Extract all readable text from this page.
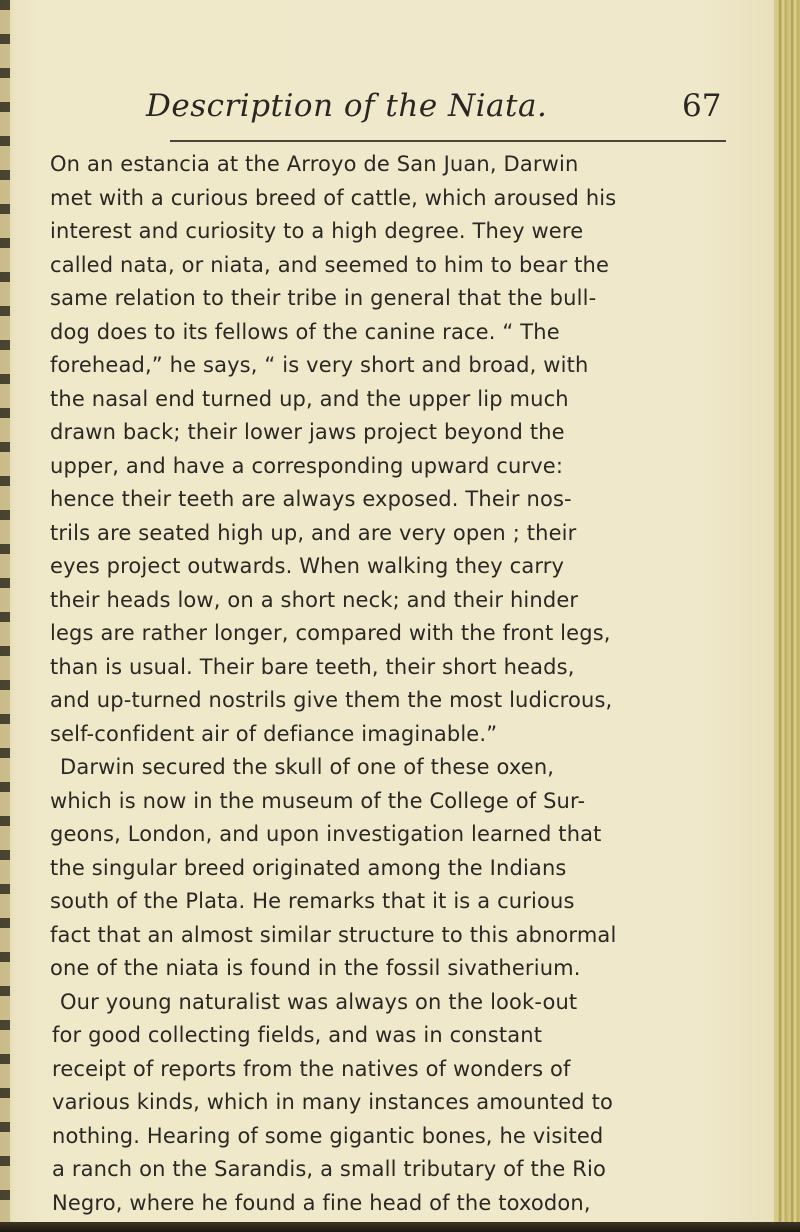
Description of the Niata.	67
On an estancia at the Arroyo de San Juan, Darwin
met with a curious breed of cattle, which aroused his
interest and curiosity to a high degree. They were
called nata, or niata, and seemed to him to bear the
same relation to their tribe in general that the bull-
dog does to its fellows of the canine race. “ The
forehead,” he says, “ is very short and broad, with
the nasal end turned up, and the upper lip much
drawn back; their lower jaws project beyond the
upper, and have a corresponding upward curve:
hence their teeth are always exposed. Their nos-
trils are seated high up, and are very open ; their
eyes project outwards. When walking they carry
their heads low, on a short neck; and their hinder
legs are rather longer, compared with the front legs,
than is usual. Their bare teeth, their short heads,
and up-turned nostrils give them the most ludicrous,
self-confident air of defiance imaginable.”
Darwin secured the skull of one of these oxen,
which is now in the museum of the College of Sur-
geons, London, and upon investigation learned that
the singular breed originated among the Indians
south of the Plata. He remarks that it is a curious
fact that an almost similar structure to this abnormal
one of the niata is found in the fossil sivatherium.
Our young naturalist was always on the look-out
for good collecting fields, and was in constant
receipt of reports from the natives of wonders of
various kinds, which in many instances amounted to
nothing. Hearing of some gigantic bones, he visited
a ranch on the Sarandis, a small tributary of the Rio
Negro, where he found a fine head of the toxodon,
